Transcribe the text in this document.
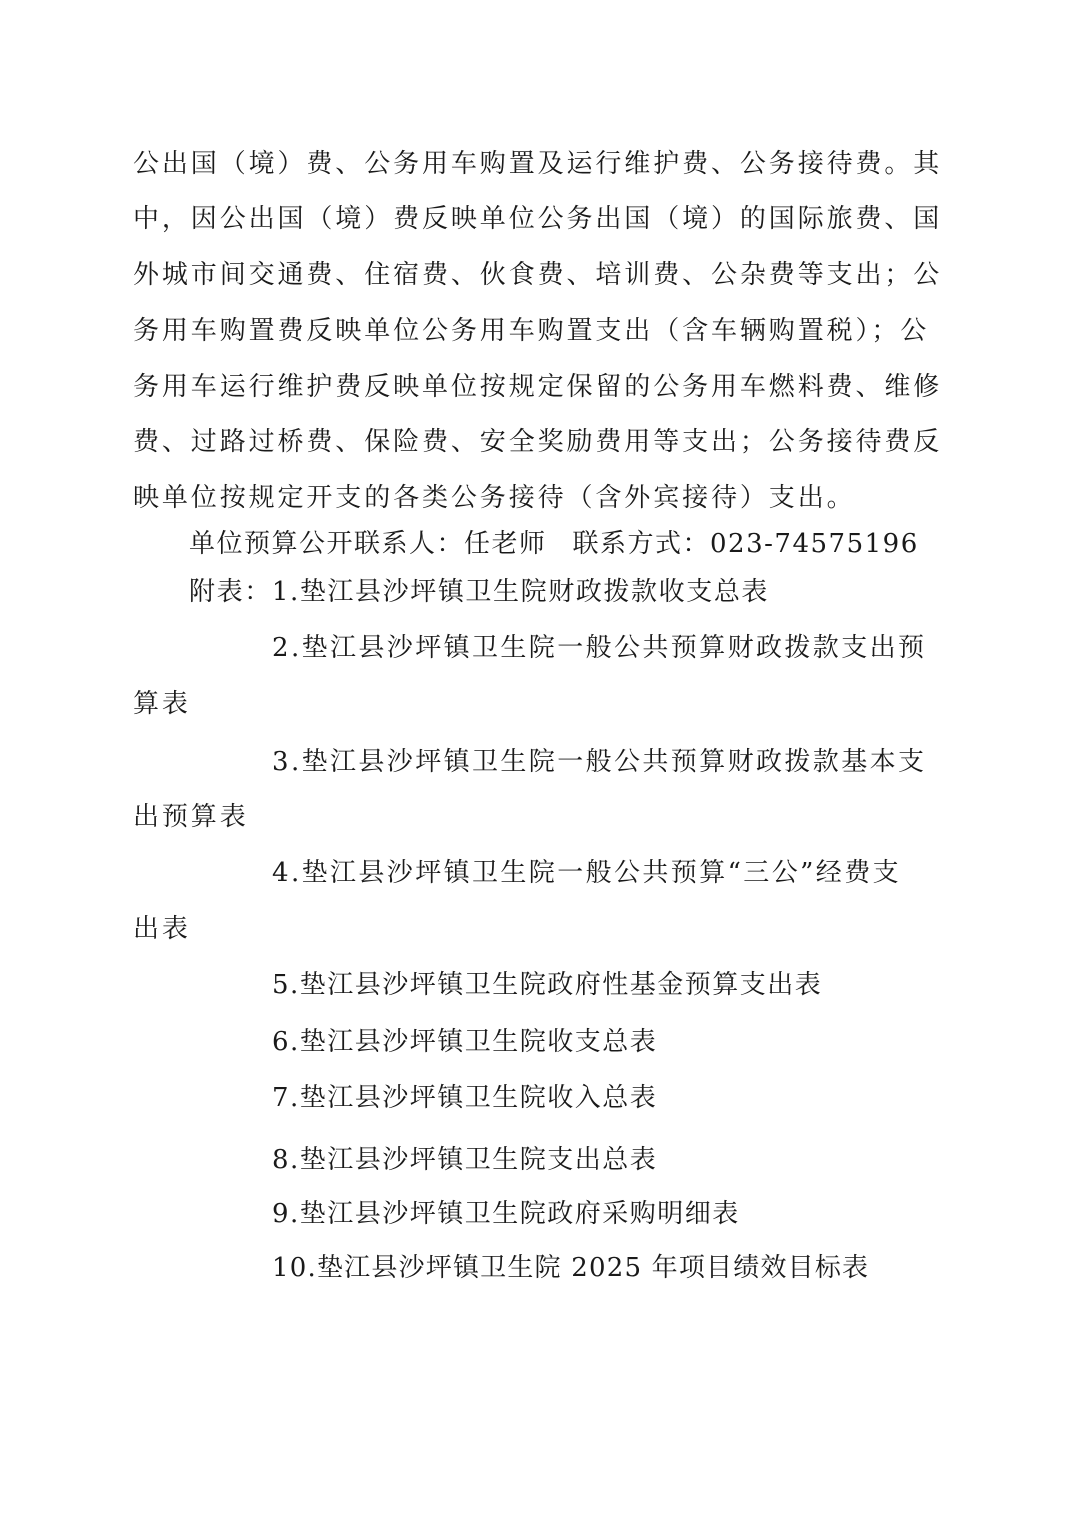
公出国（境）费、公务用车购置及运行维护费、公务接待费。其
中，因公出国（境）费反映单位公务出国（境）的国际旅费、国
外城市间交通费、住宿费、伙食费、培训费、公杂费等支出；公
务用车购置费反映单位公务用车购置支出（含车辆购置税）；公
务用车运行维护费反映单位按规定保留的公务用车燃料费、维修
费、过路过桥费、保险费、安全奖励费用等支出；公务接待费反
映单位按规定开支的各类公务接待（含外宾接待）支出。
单位预算公开联系人：任老师 联系方式：023-74575196
附表：1.垫江县沙坪镇卫生院财政拨款收支总表
2.垫江县沙坪镇卫生院一般公共预算财政拨款支出预
算表
3.垫江县沙坪镇卫生院一般公共预算财政拨款基本支
出预算表
4.垫江县沙坪镇卫生院一般公共预算“三公”经费支
出表
5.垫江县沙坪镇卫生院政府性基金预算支出表
6.垫江县沙坪镇卫生院收支总表
7.垫江县沙坪镇卫生院收入总表
8.垫江县沙坪镇卫生院支出总表
9.垫江县沙坪镇卫生院政府采购明细表
10.垫江县沙坪镇卫生院 2025 年项目绩效目标表
